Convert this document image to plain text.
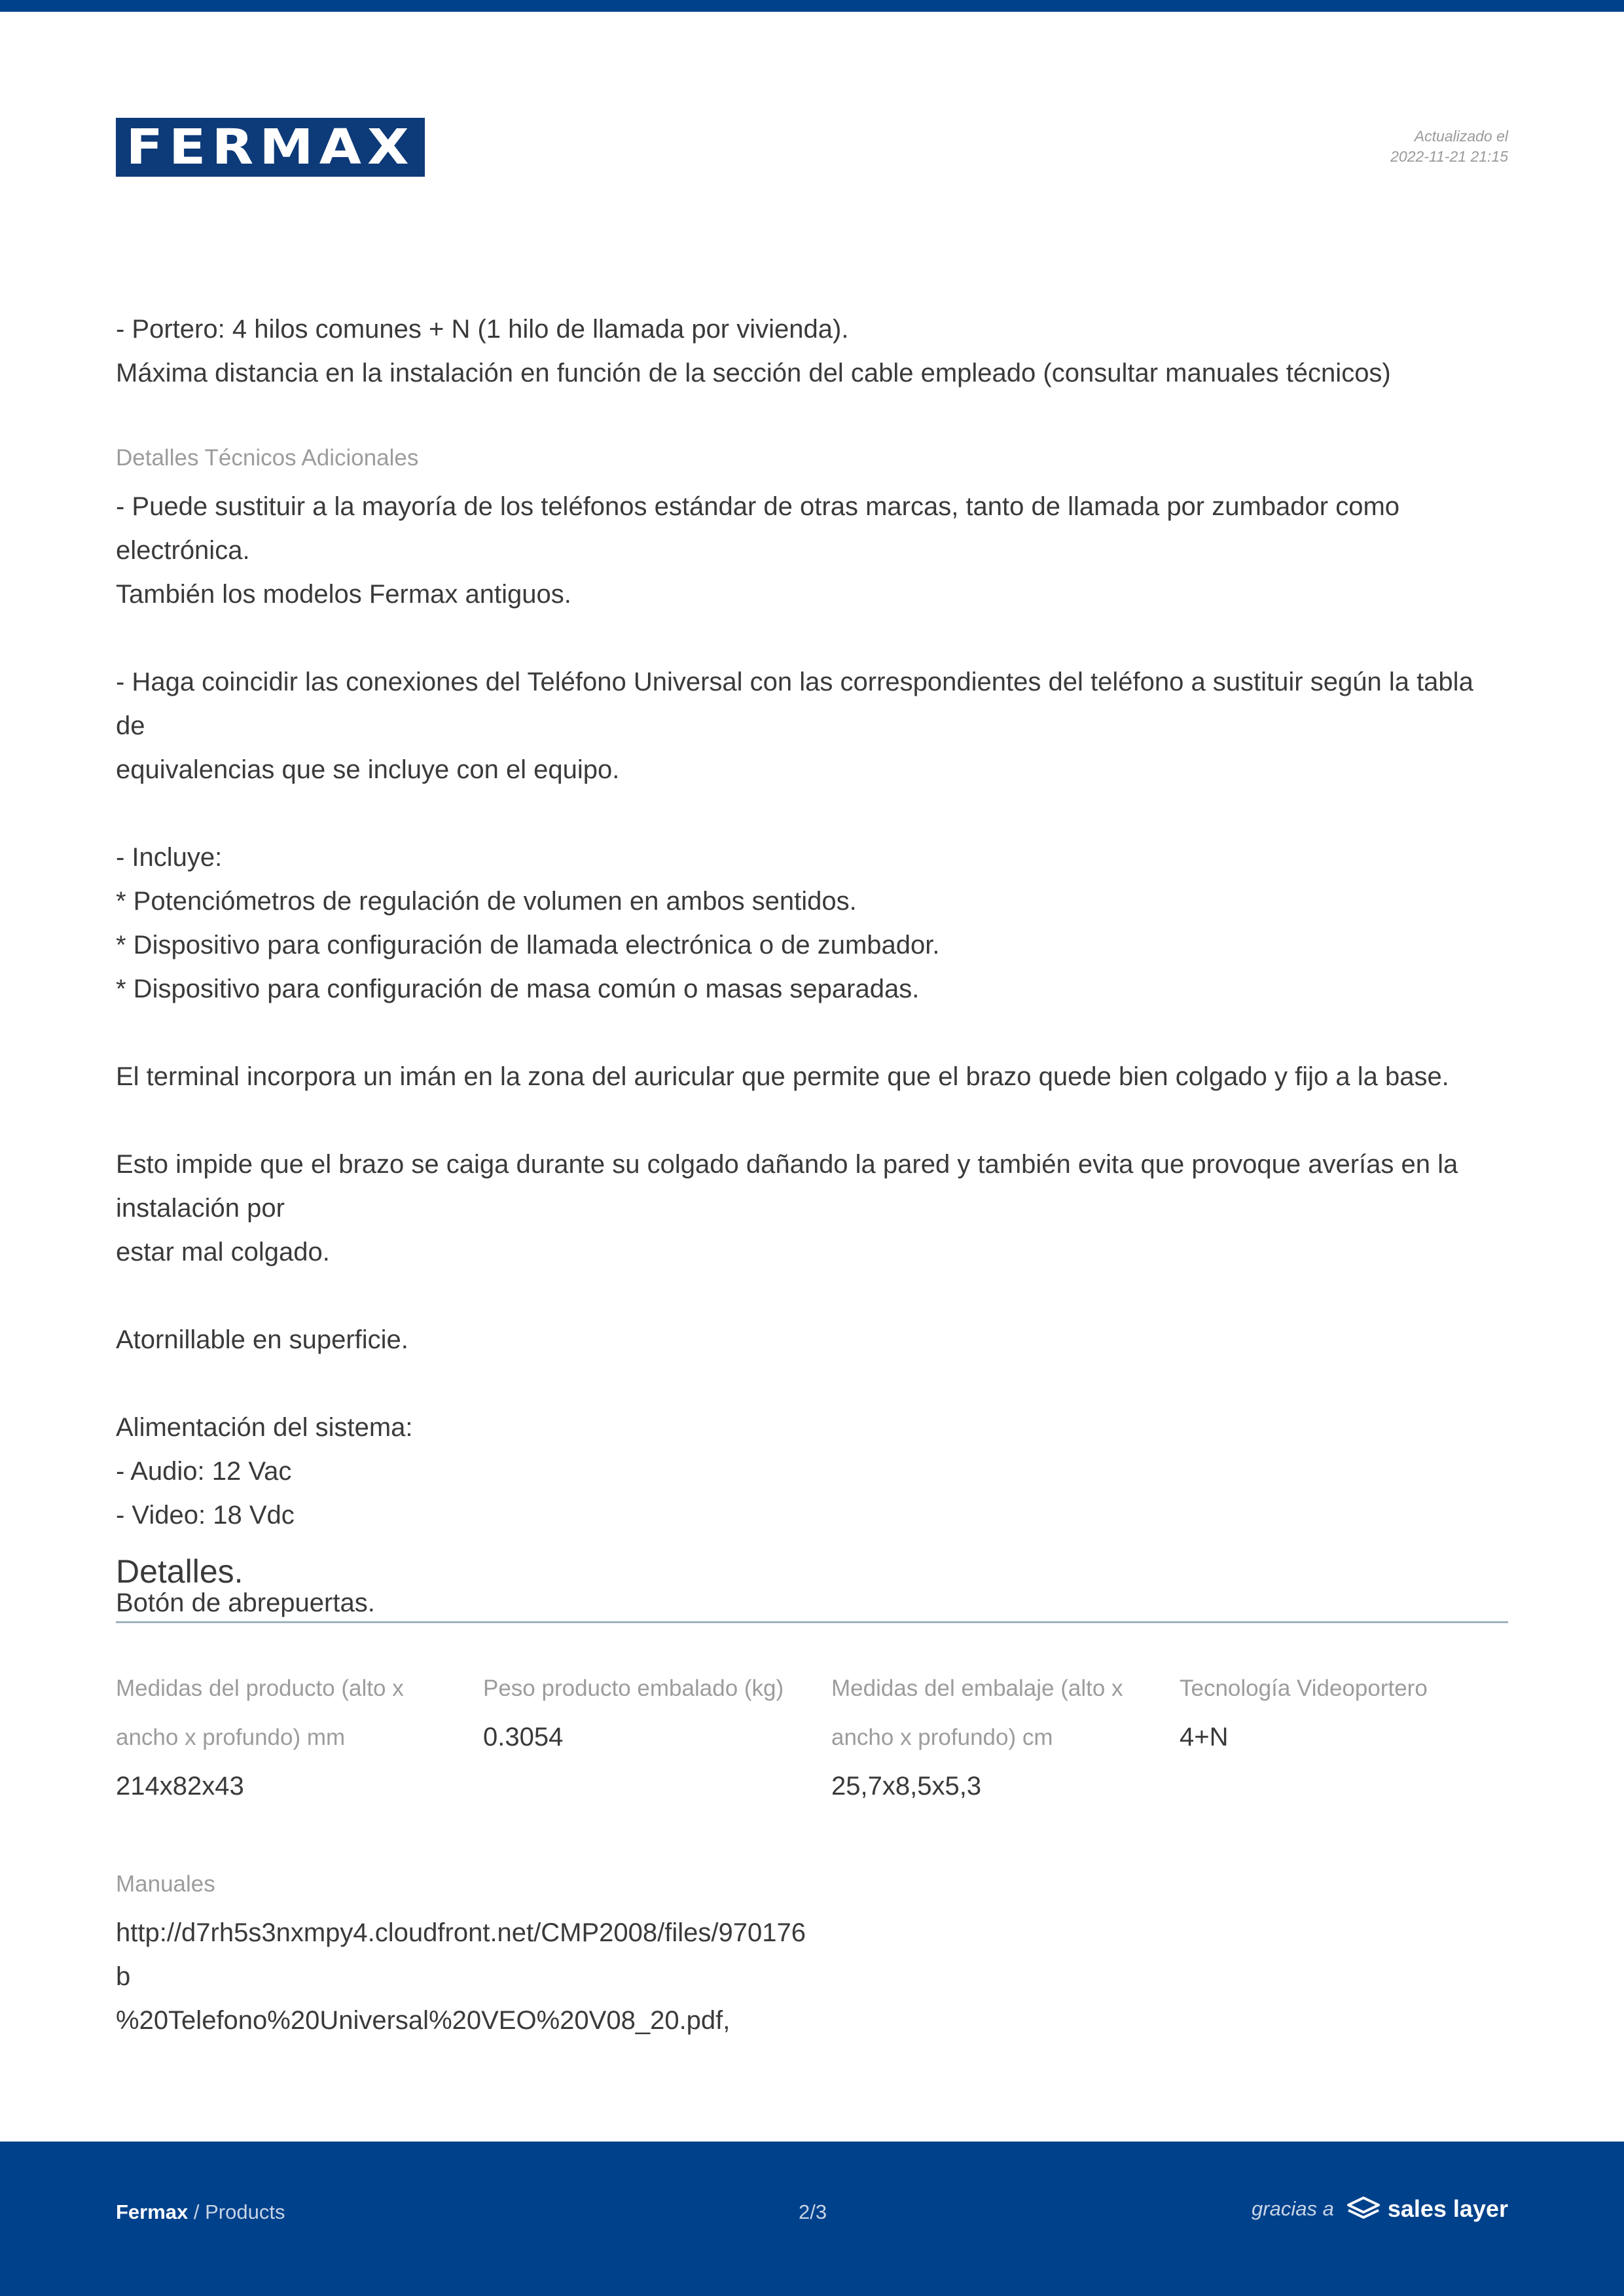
FERMAX	Actualizado el
2022-11-21 21:15

- Portero: 4 hilos comunes + N (1 hilo de llamada por vivienda).

Máxima distancia en la instalación en función de la sección del cable empleado (consultar manuales técnicos)

Detalles Técnicos Adicionales

- Puede sustituir a la mayoría de los teléfonos estándar de otras marcas, tanto de llamada por zumbador como electrónica.

También los modelos Fermax antiguos.

- Haga coincidir las conexiones del Teléfono Universal con las correspondientes del teléfono a sustituir según la tabla de

equivalencias que se incluye con el equipo.

- Incluye:

* Potenciómetros de regulación de volumen en ambos sentidos.

* Dispositivo para configuración de llamada electrónica o de zumbador.

* Dispositivo para configuración de masa común o masas separadas.

El terminal incorpora un imán en la zona del auricular que permite que el brazo quede bien colgado y fijo a la base.

Esto impide que el brazo se caiga durante su colgado dañando la pared y también evita que provoque averías en la instalación por

estar mal colgado.

Atornillable en superficie.

Alimentación del sistema:

- Audio: 12 Vac

- Video: 18 Vdc

Botón de abrepuertas.

Detalles.
Medidas del producto (alto x
ancho x profundo) mm
214x82x43
Peso producto embalado (kg)
0.3054
Medidas del embalaje (alto x
ancho x profundo) cm
25,7x8,5x5,3
Tecnología Videoportero
4+N
Manuales
http://d7rh5s3nxmpy4.cloudfront.net/CMP2008/files/970176b
%20Telefono%20Universal%20VEO%20V08_20.pdf,
Fermax / Products	2/3	gracias a sales layer
